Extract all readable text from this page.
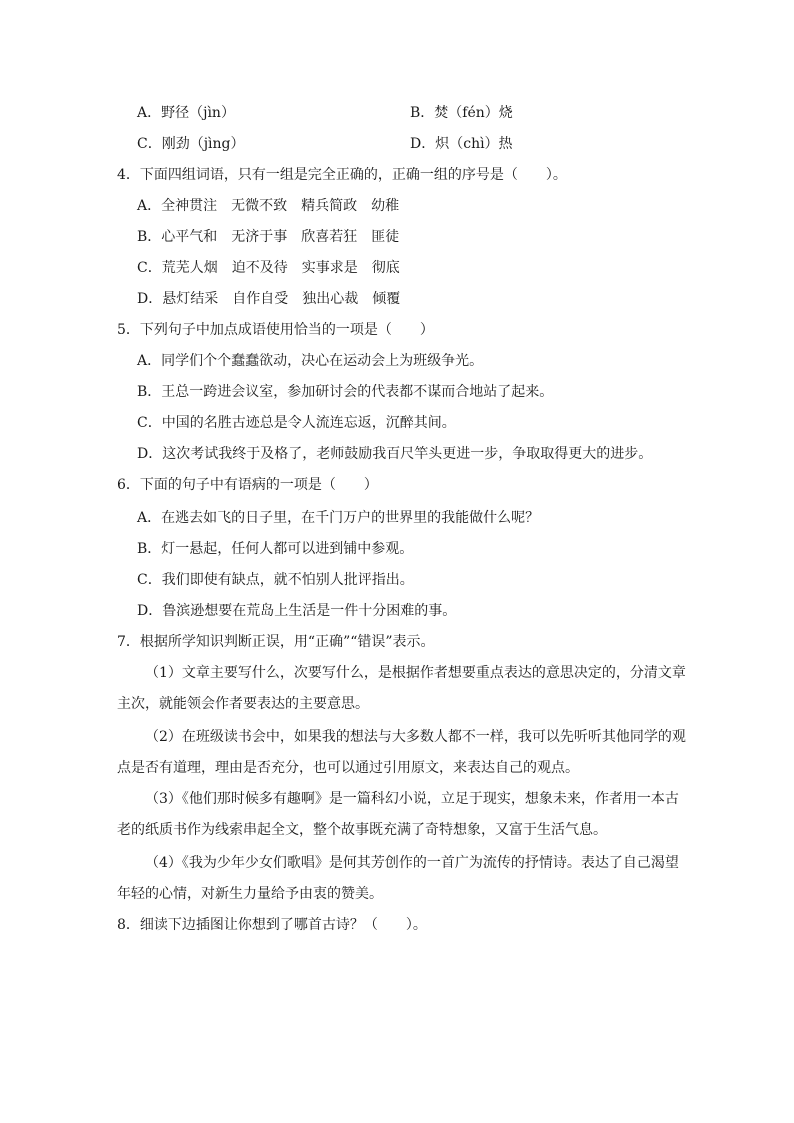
A．野径（jìn）	B．焚（fén）烧
C．刚劲（jìng）	D．炽（chì）热
4．下面四组词语，只有一组是完全正确的，正确一组的序号是（　　）。
A．全神贯注　无微不致　精兵简政　幼稚
B．心平气和　无济于事　欣喜若狂　匪徒
C．荒芜人烟　迫不及待　实事求是　彻底
D．悬灯结采　自作自受　独出心裁　倾覆
5．下列句子中加点成语使用恰当的一项是（　　）
A．同学们个个蠢蠢欲动，决心在运动会上为班级争光。
B．王总一跨进会议室，参加研讨会的代表都不谋而合地站了起来。
C．中国的名胜古迹总是令人流连忘返，沉醉其间。
D．这次考试我终于及格了，老师鼓励我百尺竿头更进一步，争取取得更大的进步。
6．下面的句子中有语病的一项是（　　）
A．在逃去如飞的日子里，在千门万户的世界里的我能做什么呢？
B．灯一悬起，任何人都可以进到铺中参观。
C．我们即使有缺点，就不怕别人批评指出。
D．鲁滨逊想要在荒岛上生活是一件十分困难的事。
7．根据所学知识判断正误，用“正确”“错误”表示。
（1）文章主要写什么，次要写什么，是根据作者想要重点表达的意思决定的，分清文章
主次，就能领会作者要表达的主要意思。
（2）在班级读书会中，如果我的想法与大多数人都不一样，我可以先听听其他同学的观
点是否有道理，理由是否充分，也可以通过引用原文，来表达自己的观点。
（3）《他们那时候多有趣啊》是一篇科幻小说，立足于现实，想象未来，作者用一本古
老的纸质书作为线索串起全文，整个故事既充满了奇特想象，又富于生活气息。
（4）《我为少年少女们歌唱》是何其芳创作的一首广为流传的抒情诗。表达了自己渴望
年轻的心情，对新生力量给予由衷的赞美。
8．细读下边插图让你想到了哪首古诗？（　　）。
